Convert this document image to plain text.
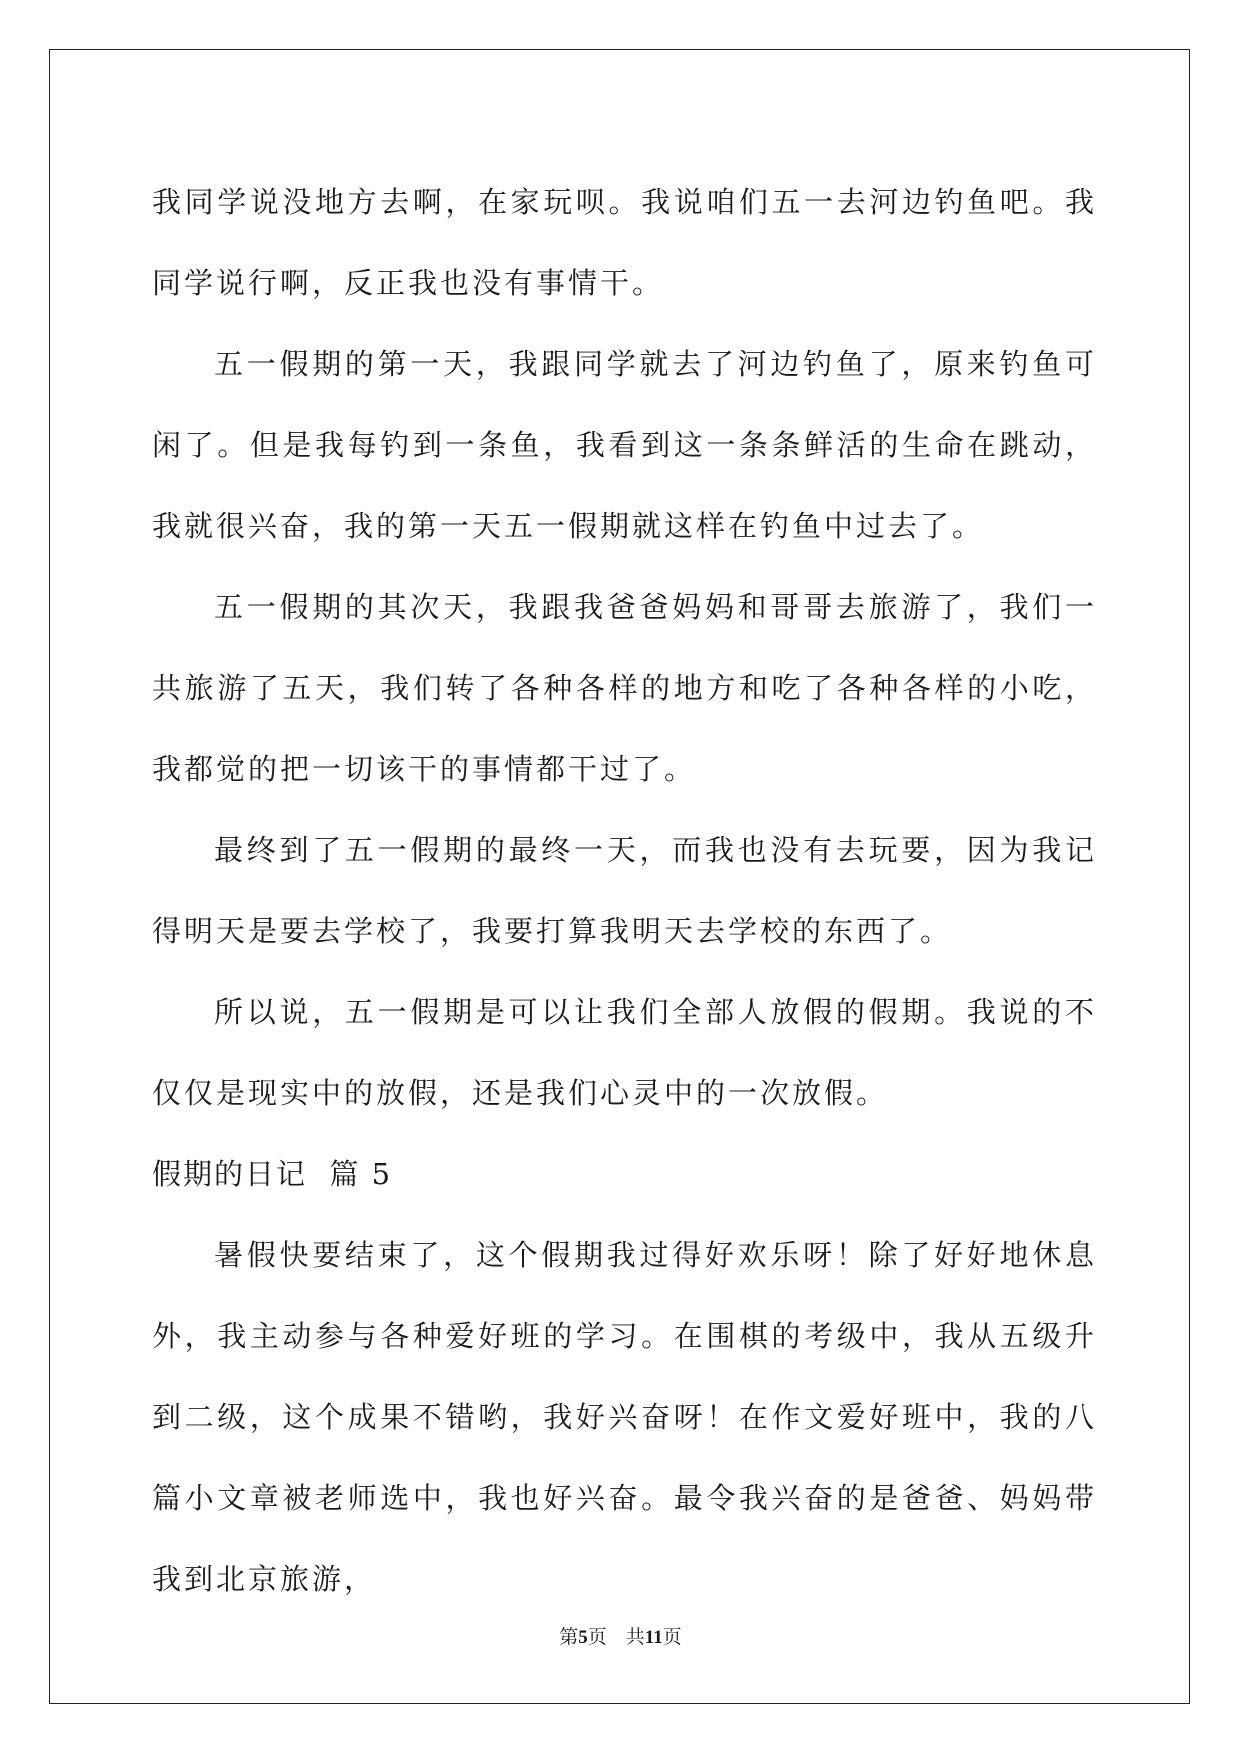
我同学说没地方去啊，在家玩呗。我说咱们五一去河边钓鱼吧。我同学说行啊，反正我也没有事情干。

五一假期的第一天，我跟同学就去了河边钓鱼了，原来钓鱼可闲了。但是我每钓到一条鱼，我看到这一条条鲜活的生命在跳动，我就很兴奋，我的第一天五一假期就这样在钓鱼中过去了。

五一假期的其次天，我跟我爸爸妈妈和哥哥去旅游了，我们一共旅游了五天，我们转了各种各样的地方和吃了各种各样的小吃，我都觉的把一切该干的事情都干过了。

最终到了五一假期的最终一天，而我也没有去玩要，因为我记得明天是要去学校了，我要打算我明天去学校的东西了。

所以说，五一假期是可以让我们全部人放假的假期。我说的不仅仅是现实中的放假，还是我们心灵中的一次放假。

假期的日记  篇 5

暑假快要结束了，这个假期我过得好欢乐呀！除了好好地休息外，我主动参与各种爱好班的学习。在围棋的考级中，我从五级升到二级，这个成果不错哟，我好兴奋呀！在作文爱好班中，我的八篇小文章被老师选中，我也好兴奋。最令我兴奋的是爸爸、妈妈带我到北京旅游，

第5页 共11页
